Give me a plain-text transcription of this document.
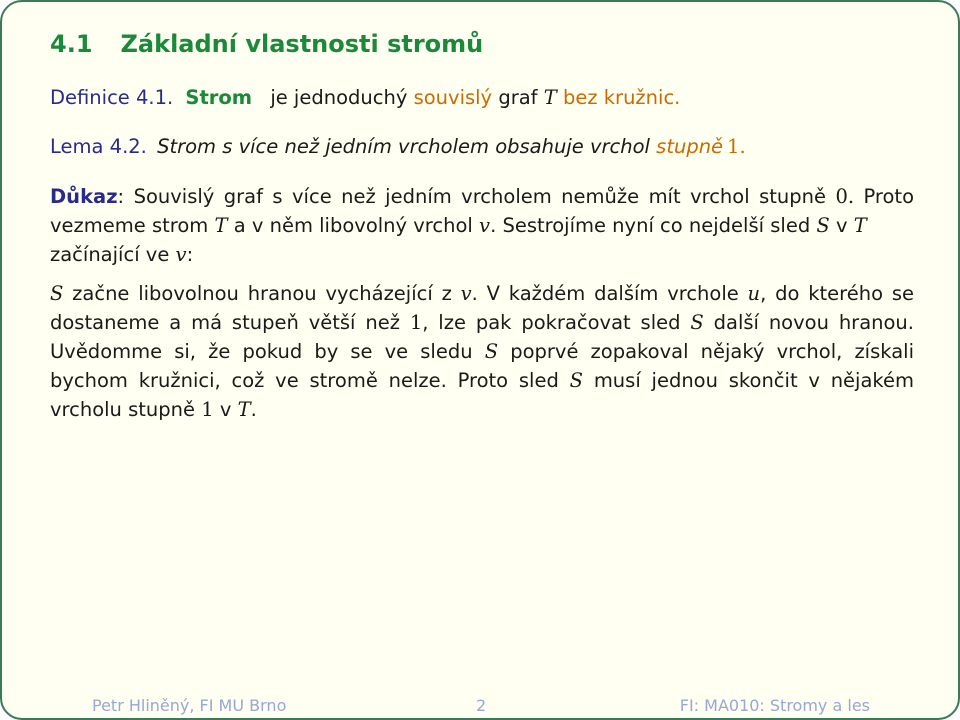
4.1 Základní vlastnosti stromů
Definice 4.1. Strom je jednoduchý souvislý graf T bez kružnic.
Lema 4.2. Strom s více než jedním vrcholem obsahuje vrchol stupně 1.
Důkaz: Souvislý graf s více než jedním vrcholem nemůže mít vrchol stupně 0. Proto
vezmeme strom T a v něm libovolný vrchol v. Sestrojíme nyní co nejdelší sled S v T
začínající ve v:
S začne libovolnou hranou vycházející z v. V každém dalším vrchole u, do kterého se
dostaneme a má stupeň větší než 1, lze pak pokračovat sled S další novou hranou.
Uvědomme si, že pokud by se ve sledu S poprvé zopakoval nějaký vrchol, získali
bychom kružnici, což ve stromě nelze. Proto sled S musí jednou skončit v nějakém
vrcholu stupně 1 v T.
Petr Hliněný, FI MU Brno	2	FI: MA010: Stromy a les
